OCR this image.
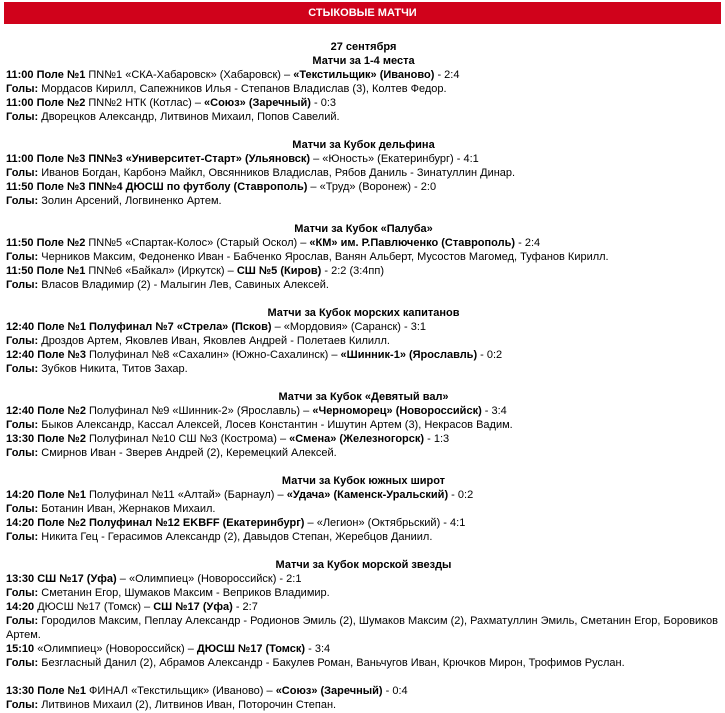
СТЫКОВЫЕ МАТЧИ
27 сентября
Матчи за 1-4 места
11:00 Поле №1 ПN№1 «СКА-Хабаровск» (Хабаровск) – «Текстильщик» (Иваново) - 2:4
Голы: Мордасов Кирилл, Сапежников Илья - Степанов Владислав (3), Колтев Федор.
11:00 Поле №2 ПN№2 НТК (Котлас) – «Союз» (Заречный) - 0:3
Голы: Дворецков Александр, Литвинов Михаил, Попов Савелий.
Матчи за Кубок дельфина
11:00 Поле №3 ПN№3 «Университет-Старт» (Ульяновск) – «Юность» (Екатеринбург) - 4:1
Голы: Иванов Богдан, Карбонэ Майкл, Овсянников Владислав, Рябов Даниль - Зинатуллин Динар.
11:50 Поле №3 ПN№4 ДЮСШ по футболу (Ставрополь) – «Труд» (Воронеж) - 2:0
Голы: Золин Арсений, Логвиненко Артем.
Матчи за Кубок «Палуба»
11:50 Поле №2 ПN№5 «Спартак-Колос» (Старый Оскол) – «КМ» им. Р.Павлюченко (Ставрополь) - 2:4
Голы: Черников Максим, Федоненко Иван - Бабченко Ярослав, Ванян Альберт, Мусостов Магомед, Туфанов Кирилл.
11:50 Поле №1 ПN№6 «Байкал» (Иркутск) – СШ №5 (Киров) - 2:2 (3:4пп)
Голы: Власов Владимир (2) - Малыгин Лев, Савиных Алексей.
Матчи за Кубок морских капитанов
12:40 Поле №1 Полуфинал №7 «Стрела» (Псков) – «Мордовия» (Саранск) - 3:1
Голы: Дроздов Артем, Яковлев Иван, Яковлев Андрей - Полетаев Килилл.
12:40 Поле №3 Полуфинал №8 «Сахалин» (Южно-Сахалинск) – «Шинник-1» (Ярославль) - 0:2
Голы: Зубков Никита, Титов Захар.
Матчи за Кубок «Девятый вал»
12:40 Поле №2 Полуфинал №9 «Шинник-2» (Ярославль) – «Черноморец» (Новороссийск) - 3:4
Голы: Быков Александр, Кассал Алексей, Лосев Константин - Ишутин Артем (3), Некрасов Вадим.
13:30 Поле №2 Полуфинал №10 СШ №3 (Кострома) – «Смена» (Железногорск) - 1:3
Голы: Смирнов Иван - Зверев Андрей (2), Керемецкий Алексей.
Матчи за Кубок южных широт
14:20 Поле №1 Полуфинал №11 «Алтай» (Барнаул) – «Удача» (Каменск-Уральский) - 0:2
Голы: Ботанин Иван, Жернаков Михаил.
14:20 Поле №2 Полуфинал №12 EKBFF (Екатеринбург) – «Легион» (Октябрьский) - 4:1
Голы: Никита Гец - Герасимов Александр (2), Давыдов Степан, Жеребцов Даниил.
Матчи за Кубок морской звезды
13:30 СШ №17 (Уфа) – «Олимпиец» (Новороссийск) - 2:1
Голы: Сметанин Егор, Шумаков Максим - Веприков Владимир.
14:20 ДЮСШ №17 (Томск) – СШ №17 (Уфа) - 2:7
Голы: Городилов Максим, Пеплау Александр - Родионов Эмиль (2), Шумаков Максим (2), Рахматуллин Эмиль, Сметанин Егор, Боровиков Артем.
15:10 «Олимпиец» (Новороссийск) – ДЮСШ №17 (Томск) - 3:4
Голы: Безгласный Данил (2), Абрамов Александр - Бакулев Роман, Ваньчугов Иван, Крючков Мирон, Трофимов Руслан.
13:30 Поле №1 ФИНАЛ «Текстильщик» (Иваново) – «Союз» (Заречный) - 0:4
Голы: Литвинов Михаил (2), Литвинов Иван, Поторочин Степан.
